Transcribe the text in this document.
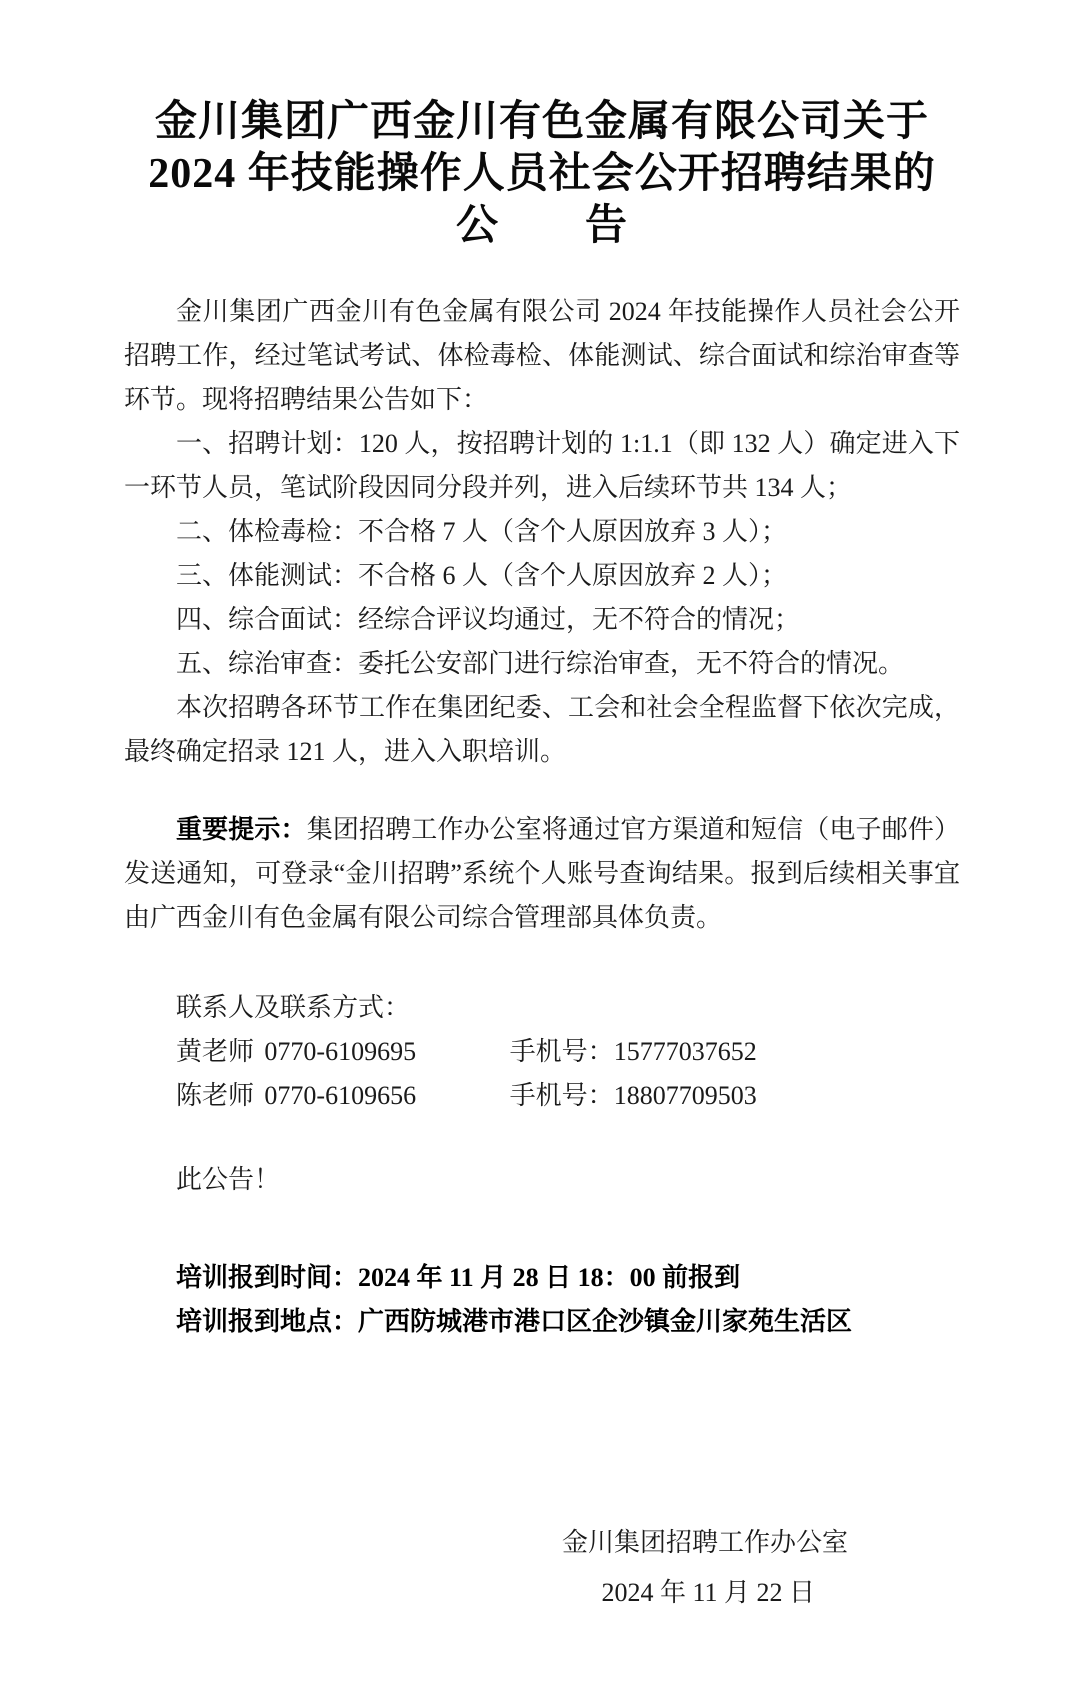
金川集团广西金川有色金属有限公司关于
2024 年技能操作人员社会公开招聘结果的
公　　告

金川集团广西金川有色金属有限公司 2024 年技能操作人员社会公开招聘工作，经过笔试考试、体检毒检、体能测试、综合面试和综治审查等环节。现将招聘结果公告如下：

一、招聘计划：120 人，按招聘计划的 1:1.1（即 132 人）确定进入下一环节人员，笔试阶段因同分段并列，进入后续环节共 134 人；

二、体检毒检：不合格 7 人（含个人原因放弃 3 人）；

三、体能测试：不合格 6 人（含个人原因放弃 2 人）；

四、综合面试：经综合评议均通过，无不符合的情况；

五、综治审查：委托公安部门进行综治审查，无不符合的情况。

本次招聘各环节工作在集团纪委、工会和社会全程监督下依次完成，最终确定招录 121 人，进入入职培训。

重要提示：集团招聘工作办公室将通过官方渠道和短信（电子邮件）发送通知，可登录“金川招聘”系统个人账号查询结果。报到后续相关事宜由广西金川有色金属有限公司综合管理部具体负责。

联系人及联系方式：

黄老师 0770-6109695	手机号：15777037652

陈老师 0770-6109656	手机号：18807709503

此公告！

培训报到时间：2024 年 11 月 28 日 18：00 前报到

培训报到地点：广西防城港市港口区企沙镇金川家苑生活区

金川集团招聘工作办公室
2024 年 11 月 22 日
